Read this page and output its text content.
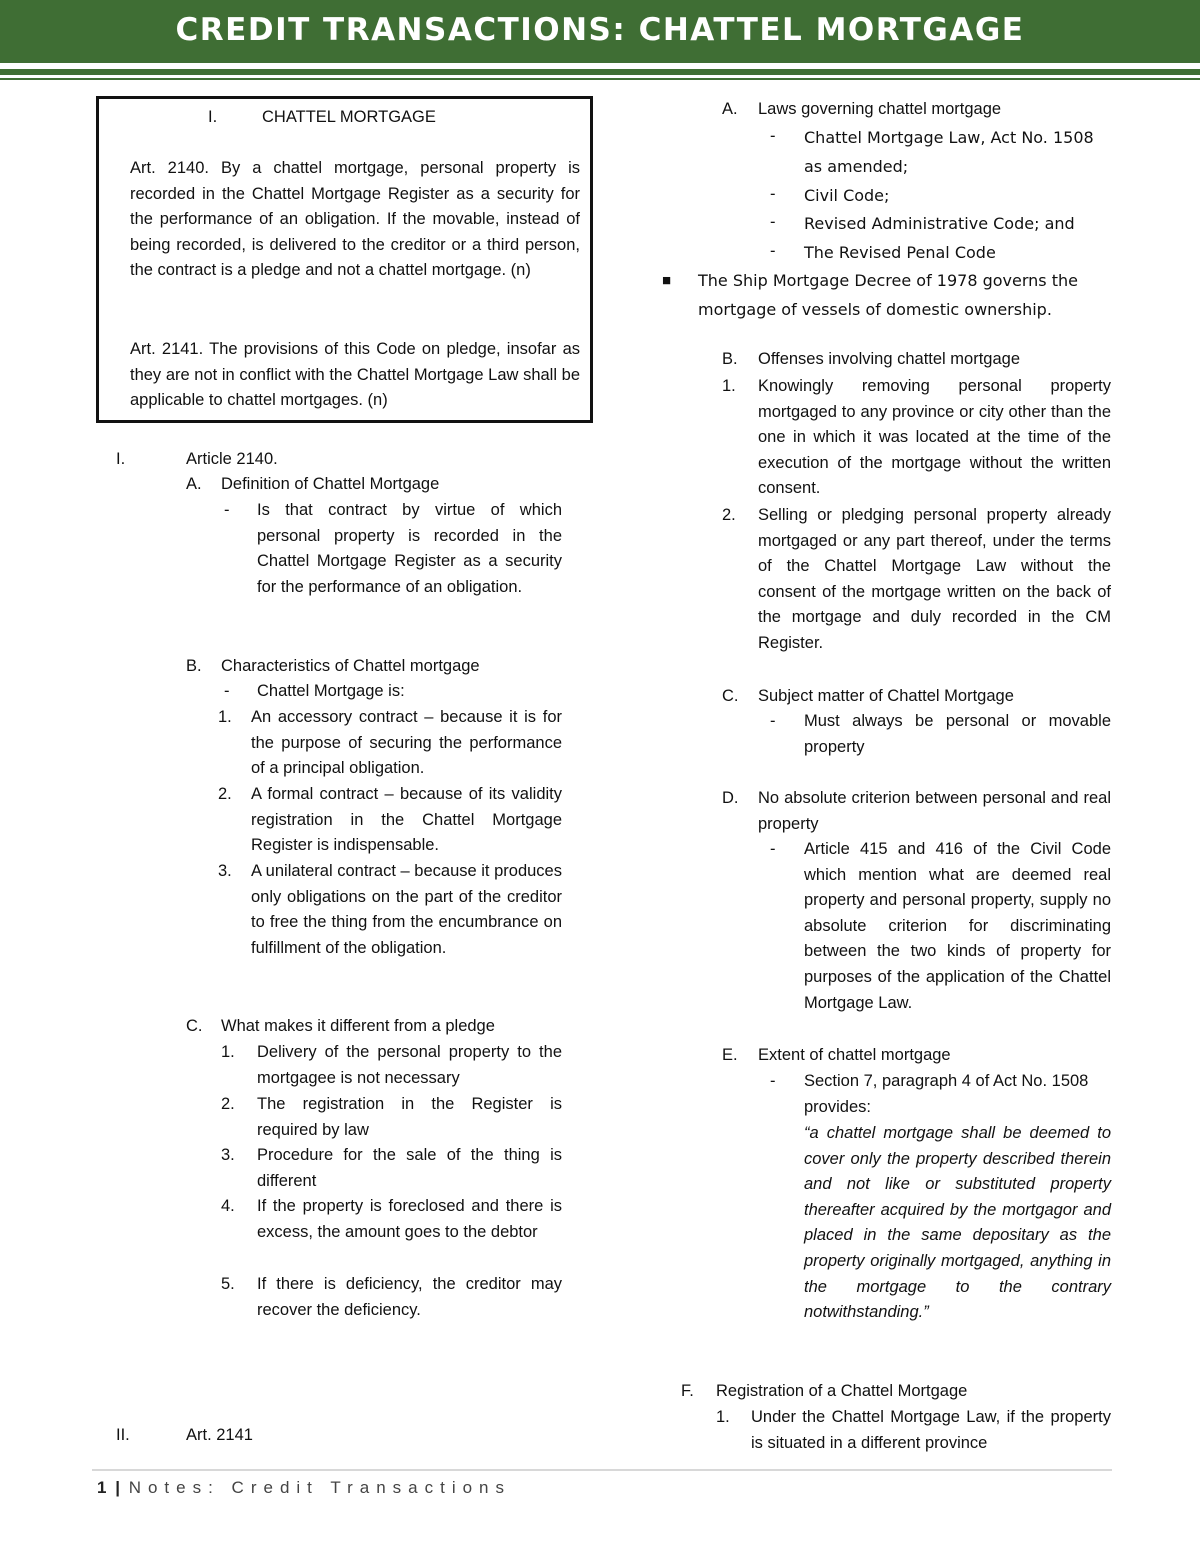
CREDIT TRANSACTIONS: CHATTEL MORTGAGE
I.	CHATTEL MORTGAGE

Art. 2140. By a chattel mortgage, personal property is recorded in the Chattel Mortgage Register as a security for the performance of an obligation. If the movable, instead of being recorded, is delivered to the creditor or a third person, the contract is a pledge and not a chattel mortgage. (n)

Art. 2141. The provisions of this Code on pledge, insofar as they are not in conflict with the Chattel Mortgage Law shall be applicable to chattel mortgages. (n)

I.	Article 2140.
A. Definition of Chattel Mortgage
- Is that contract by virtue of which personal property is recorded in the Chattel Mortgage Register as a security for the performance of an obligation.

B. Characteristics of Chattel mortgage
- Chattel Mortgage is:
1. An accessory contract – because it is for the purpose of securing the performance of a principal obligation.

2. A formal contract – because of its validity registration in the Chattel Mortgage Register is indispensable.

3. A unilateral contract – because it produces only obligations on the part of the creditor to free the thing from the encumbrance on fulfillment of the obligation.

C. What makes it different from a pledge
1. Delivery of the personal property to the mortgagee is not necessary

2. The registration in the Register is required by law

3. Procedure for the sale of the thing is different

4. If the property is foreclosed and there is excess, the amount goes to the debtor

5. If there is deficiency, the creditor may recover the deficiency.

II.	Art. 2141
A. Laws governing chattel mortgage
- Chattel Mortgage Law, Act No. 1508 as amended;

- Civil Code;
- Revised Administrative Code; and
- The Revised Penal Code
■ The Ship Mortgage Decree of 1978 governs the mortgage of vessels of domestic ownership.

B. Offenses involving chattel mortgage
1. Knowingly removing personal property mortgaged to any province or city other than the one in which it was located at the time of the execution of the mortgage without the written consent.

2. Selling or pledging personal property already mortgaged or any part thereof, under the terms of the Chattel Mortgage Law without the consent of the mortgage written on the back of the mortgage and duly recorded in the CM Register.

C. Subject matter of Chattel Mortgage
- Must always be personal or movable property

D. No absolute criterion between personal and real property

- Article 415 and 416 of the Civil Code which mention what are deemed real property and personal property, supply no absolute criterion for discriminating between the two kinds of property for purposes of the application of the Chattel Mortgage Law.

E. Extent of chattel mortgage
- Section 7, paragraph 4 of Act No. 1508 provides:

“a chattel mortgage shall be deemed to cover only the property described therein and not like or substituted property thereafter acquired by the mortgagor and placed in the same depositary as the property originally mortgaged, anything in the mortgage to the contrary notwithstanding.”

F. Registration of a Chattel Mortgage
1. Under the Chattel Mortgage Law, if the property is situated in a different province

1 | Notes: Credit Transactions
